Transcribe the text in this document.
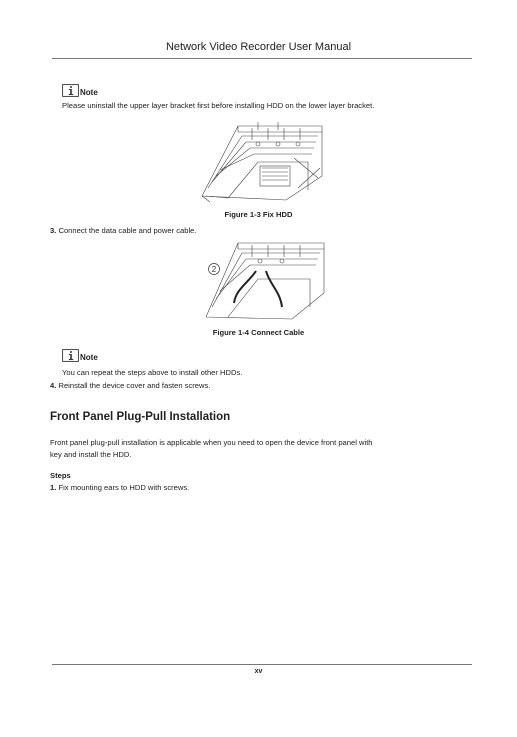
Network Video Recorder User Manual
Note
Please uninstall the upper layer bracket first before installing HDD on the lower layer bracket.
Figure 1-3 Fix HDD
3. Connect the data cable and power cable.
2
Figure 1-4 Connect Cable
Note
You can repeat the steps above to install other HDDs.
4. Reinstall the device cover and fasten screws.
Front Panel Plug-Pull Installation
Front panel plug-pull installation is applicable when you need to open the device front panel with
key and install the HDD.
Steps
1. Fix mounting ears to HDD with screws.
xv
